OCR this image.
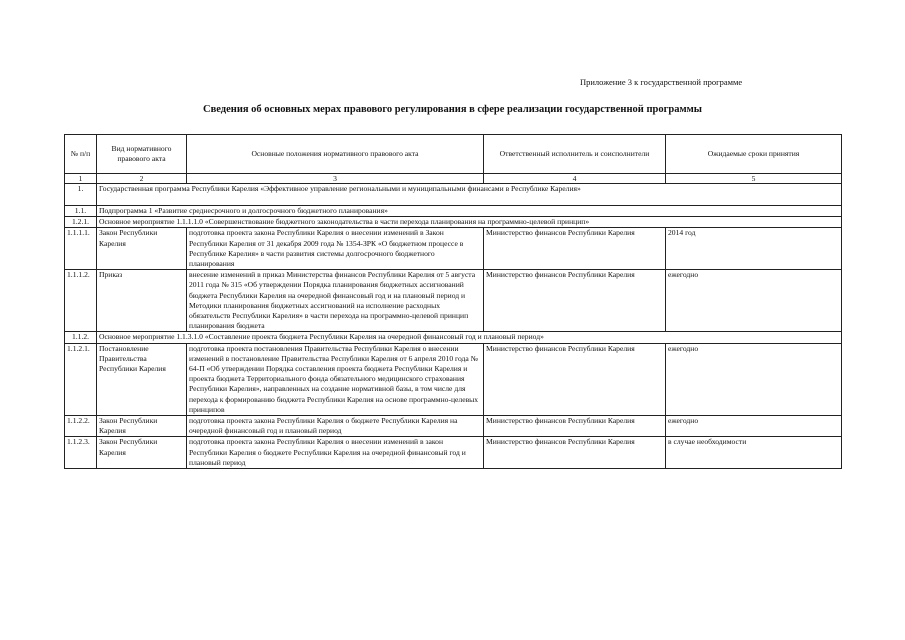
Приложение 3 к государственной программе
Сведения об основных мерах правового регулирования в сфере реализации государственной программы
№ п/п	Вид нормативного правового акта	Основные положения нормативного правового акта	Ответственный исполнитель и соисполнители	Ожидаемые сроки принятия
1	2	3	4	5
1.	Государственная программа Республики Карелия «Эффективное управление региональными и муниципальными финансами в Республике Карелия»			
1.1.	Подпрограмма 1 «Развитие среднесрочного и долгосрочного бюджетного планирования»			
1.2.1.	Основное мероприятие 1.1.1.1.0 «Совершенствование бюджетного законодательства в части перехода планирования на программно-целевой принцип»			
1.1.1.1.	Закон Республики Карелия	подготовка проекта закона Республики Карелия о внесении изменений в Закон Республики Карелия от 31 декабря 2009 года № 1354-ЗРК «О бюджетном процессе в Республике Карелия» в части развития системы долгосрочного бюджетного планирования	Министерство финансов Республики Карелия	2014 год
1.1.1.2.	Приказ	внесение изменений в приказ Министерства финансов Республики Карелия от 5 августа 2011 года № 315 «Об утверждении Порядка планирования бюджетных ассигнований бюджета Республики Карелия на очередной финансовый год и на плановый период и Методики планирования бюджетных ассигнований на исполнение расходных обязательств Республики Карелия» в части перехода на программно-целевой принцип планирования бюджета	Министерство финансов Республики Карелия	ежегодно
1.1.2.	Основное мероприятие 1.1.3.1.0 «Составление проекта бюджета Республики Карелия на очередной финансовый год и плановый период»			
1.1.2.1.	Постановление Правительства Республики Карелия	подготовка проекта постановления Правительства Республики Карелия о внесении изменений в постановление Правительства Республики Карелия от 6 апреля 2010 года № 64-П «Об утверждении Порядка составления проекта бюджета Республики Карелия и проекта бюджета Территориального фонда обязательного медицинского страхования Республики Карелия», направленных на создание нормативной базы, в том числе для перехода к формированию бюджета Республики Карелия на основе программно-целевых принципов	Министерство финансов Республики Карелия	ежегодно
1.1.2.2.	Закон Республики Карелия	подготовка проекта закона Республики Карелия о бюджете Республики Карелия на очередной финансовый год и плановый период	Министерство финансов Республики Карелия	ежегодно
1.1.2.3.	Закон Республики Карелия	подготовка проекта закона Республики Карелия о внесении изменений в закон Республики Карелия о бюджете Республики Карелия на очередной финансовый год и плановый период	Министерство финансов Республики Карелия	в случае необходимости
